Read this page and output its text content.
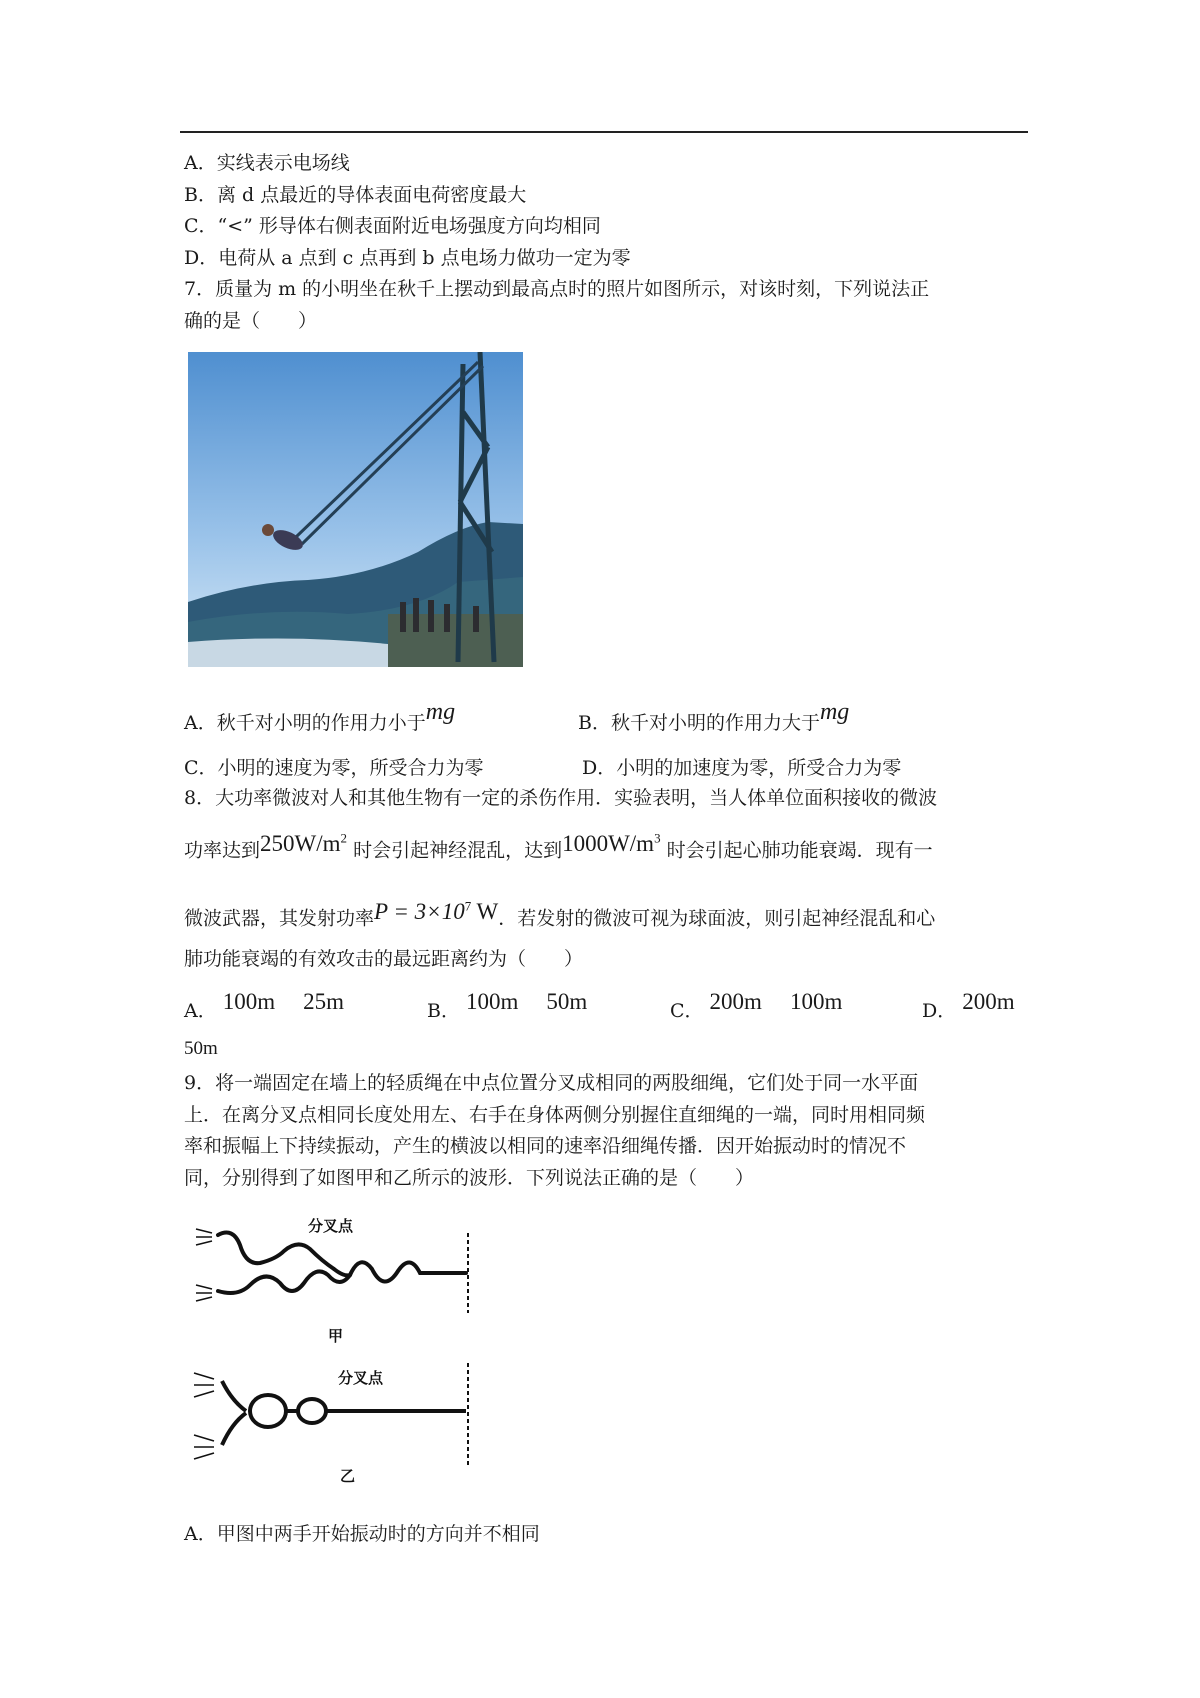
A．实线表示电场线
B．离 d 点最近的导体表面电荷密度最大
C．“<” 形导体右侧表面附近电场强度方向均相同
D．电荷从 a 点到 c 点再到 b 点电场力做功一定为零
7．质量为 m 的小明坐在秋千上摆动到最高点时的照片如图所示，对该时刻，下列说法正
确的是（　　）
A．秋千对小明的作用力小于mg	B．秋千对小明的作用力大于mg
C．小明的速度为零，所受合力为零	D．小明的加速度为零，所受合力为零
8．大功率微波对人和其他生物有一定的杀伤作用．实验表明，当人体单位面积接收的微波
功率达到$250W/m^2$ 时会引起神经混乱，达到$1000W/m^3$ 时会引起心肺功能衰竭．现有一
微波武器，其发射功率$P = 3\times 10^7$ W．若发射的微波可视为球面波，则引起神经混乱和心
肺功能衰竭的有效攻击的最远距离约为（　　）
A． 100m 25m	B． 100m 50m	C． 200m 100m	D． 200m
50m
9．将一端固定在墙上的轻质绳在中点位置分叉成相同的两股细绳，它们处于同一水平面
上．在离分叉点相同长度处用左、右手在身体两侧分别握住直细绳的一端，同时用相同频
率和振幅上下持续振动，产生的横波以相同的速率沿细绳传播．因开始振动时的情况不
同，分别得到了如图甲和乙所示的波形．下列说法正确的是（　　）
分叉点
甲
分叉点
乙
A．甲图中两手开始振动时的方向并不相同
